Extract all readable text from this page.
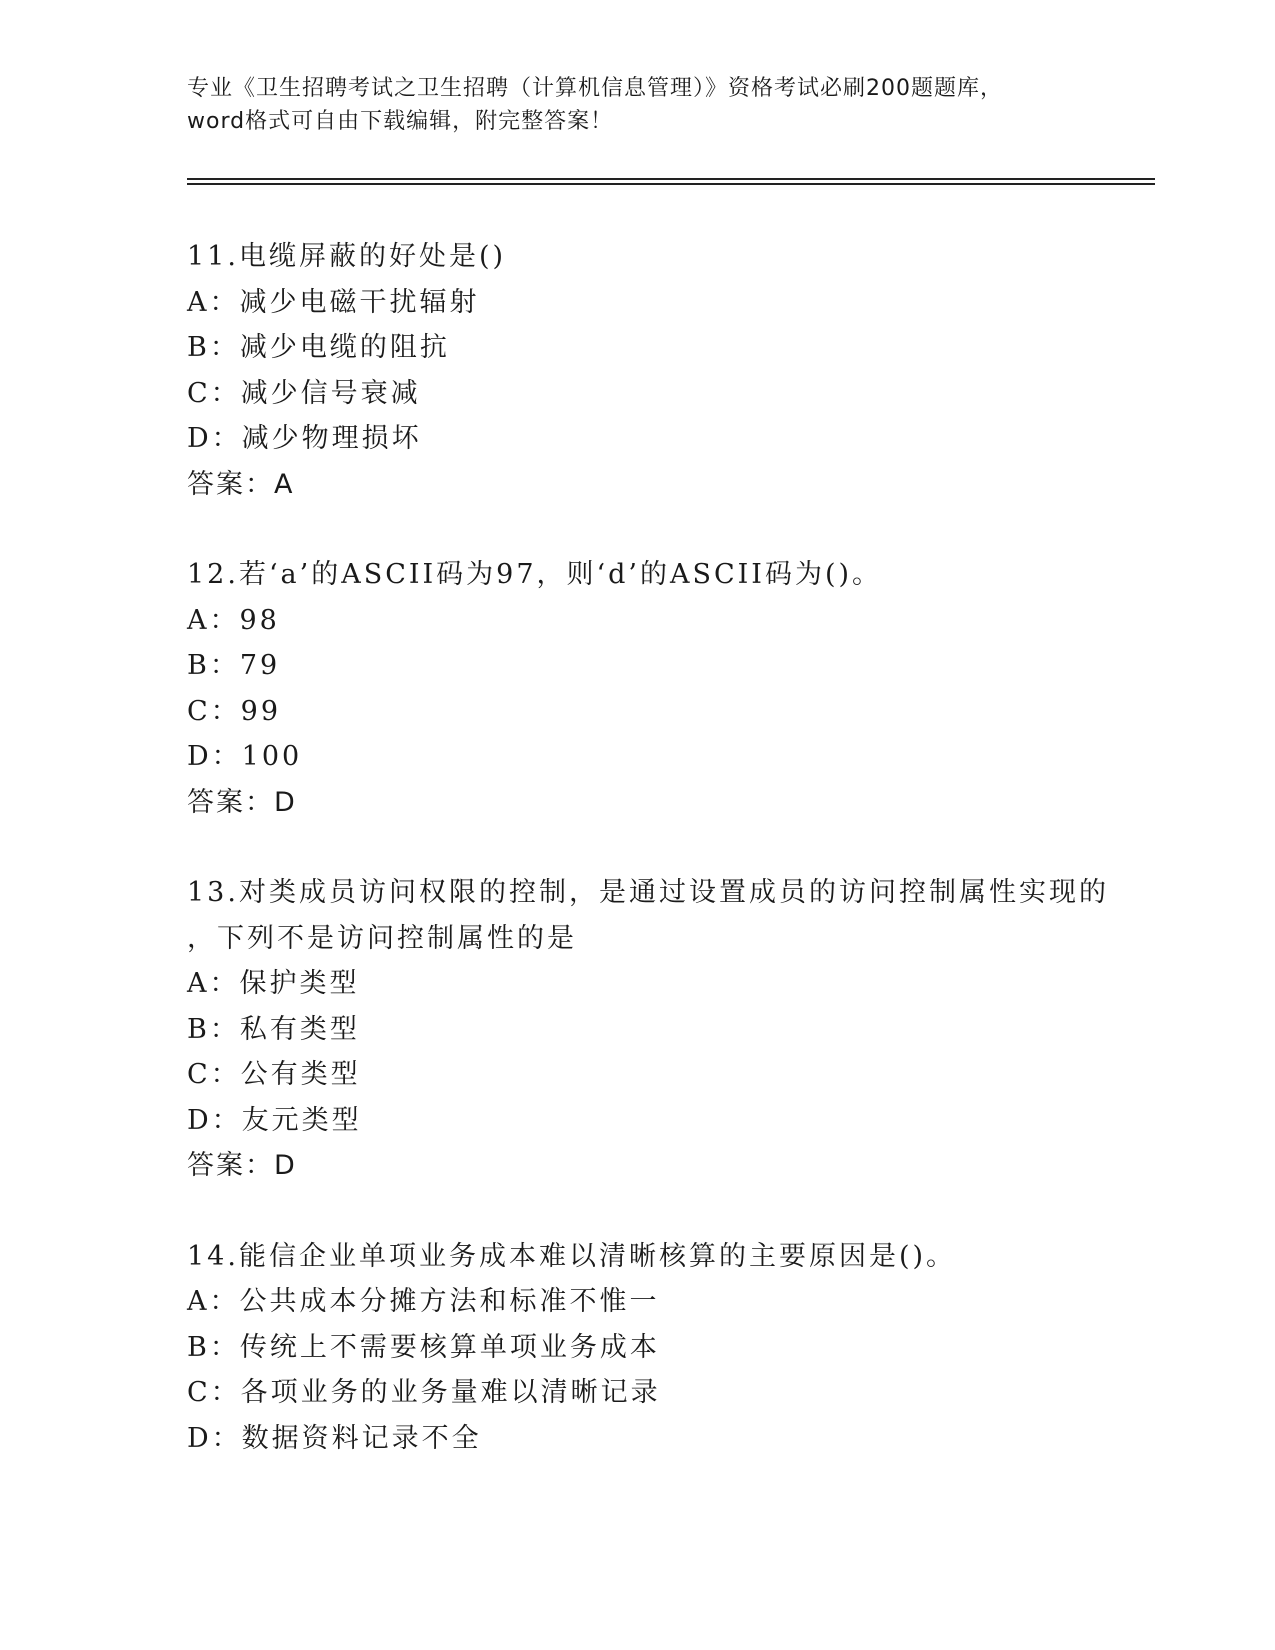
专业《卫生招聘考试之卫生招聘（计算机信息管理）》资格考试必刷200题题库，

word格式可自由下载编辑，附完整答案！

11.电缆屏蔽的好处是()

A：减少电磁干扰辐射

B：减少电缆的阻抗

C：减少信号衰减

D：减少物理损坏

答案：A

12.若‘a’的ASCII码为97，则‘d’的ASCII码为()。

A：98

B：79

C：99

D：100

答案：D

13.对类成员访问权限的控制，是通过设置成员的访问控制属性实现的

，下列不是访问控制属性的是

A：保护类型

B：私有类型

C：公有类型

D：友元类型

答案：D

14.能信企业单项业务成本难以清晰核算的主要原因是()。

A：公共成本分摊方法和标准不惟一

B：传统上不需要核算单项业务成本

C：各项业务的业务量难以清晰记录

D：数据资料记录不全
